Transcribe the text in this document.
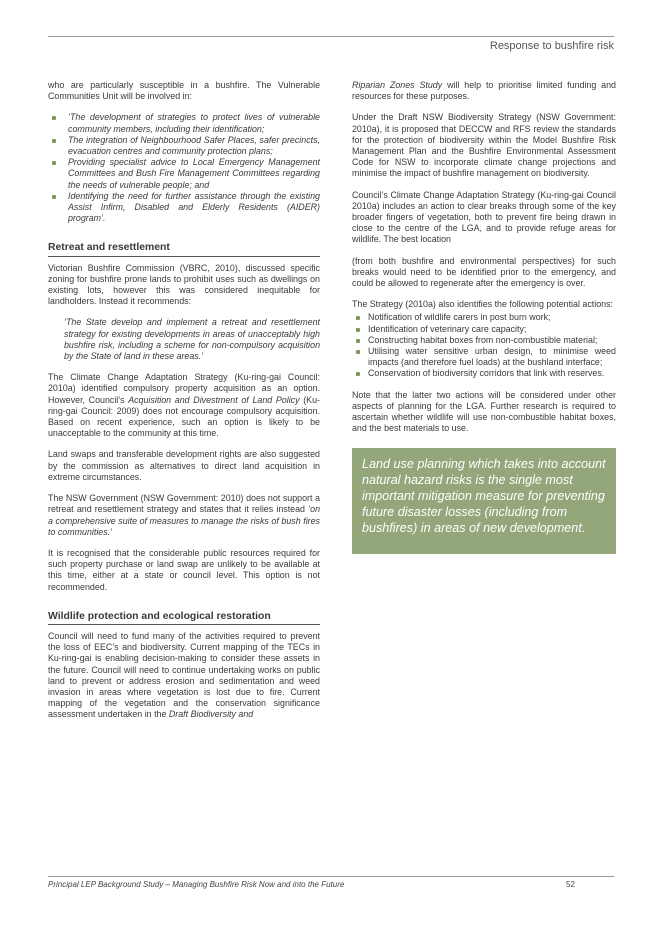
Response to bushfire risk

who are particularly susceptible in a bushfire. The Vulnerable Communities Unit will be involved in:

‘The development of strategies to protect lives of vulnerable community members, including their identification;
The integration of Neighbourhood Safer Places, safer precincts, evacuation centres and community protection plans;
Providing specialist advice to Local Emergency Management Committees and Bush Fire Management Committees regarding the needs of vulnerable people; and
Identifying the need for further assistance through the existing Assist Infirm, Disabled and Elderly Residents (AIDER) program’.
Retreat and resettlement

Victorian Bushfire Commission (VBRC, 2010), discussed specific zoning for bushfire prone lands to prohibit uses such as dwellings on existing lots, however this was considered inequitable for landholders. Instead it recommends:

‘The State develop and implement a retreat and resettlement strategy for existing developments in areas of unacceptably high bushfire risk, including a scheme for non-compulsory acquisition by the State of land in these areas.’

The Climate Change Adaptation Strategy (Ku-ring-gai Council: 2010a) identified compulsory property acquisition as an option. However, Council’s Acquisition and Divestment of Land Policy (Ku-ring-gai Council: 2009) does not encourage compulsory acquisition. Based on recent experience, such an option is likely to be unacceptable to the community at this time.

Land swaps and transferable development rights are also suggested by the commission as alternatives to direct land acquisition in extreme circumstances.

The NSW Government (NSW Government: 2010) does not support a retreat and resettlement strategy and states that it relies instead ‘on a comprehensive suite of measures to manage the risks of bush fires to communities.’

It is recognised that the considerable public resources required for such property purchase or land swap are unlikely to be available at this time, either at a state or council level. This option is not recommended.

Wildlife protection and ecological restoration

Council will need to fund many of the activities required to prevent the loss of EEC’s and biodiversity. Current mapping of the TECs in Ku-ring-gai is enabling decision-making to consider these assets in the future. Council will need to continue undertaking works on public land to prevent or address erosion and sedimentation and weed invasion in areas where vegetation is lost due to fire. Current mapping of the vegetation and the conservation significance assessment undertaken in the Draft Biodiversity and

Riparian Zones Study will help to prioritise limited funding and resources for these purposes.

Under the Draft NSW Biodiversity Strategy (NSW Government: 2010a), it is proposed that DECCW and RFS review the standards for the protection of biodiversity within the Model Bushfire Risk Management Plan and the Bushfire Environmental Assessment Code for NSW to incorporate climate change projections and minimise the impact of bushfire management on biodiversity.

Council’s Climate Change Adaptation Strategy (Ku-ring-gai Council 2010a) includes an action to clear breaks through some of the key broader fingers of vegetation, both to prevent fire being drawn in close to the centre of the LGA, and to provide refuge areas for wildlife. The best location

(from both bushfire and environmental perspectives) for such breaks would need to be identified prior to the emergency, and could be allowed to regenerate after the emergency is over.

The Strategy (2010a) also identifies the following potential actions:

Notification of wildlife carers in post burn work;
Identification of veterinary care capacity;
Constructing habitat boxes from non-combustible material;
Utilising water sensitive urban design, to minimise weed impacts (and therefore fuel loads) at the bushland interface;
Conservation of biodiversity corridors that link with reserves.

Note that the latter two actions will be considered under other aspects of planning for the LGA. Further research is required to ascertain whether wildlife will use non-combustible habitat boxes, and the best materials to use.

Land use planning which takes into account natural hazard risks is the single most important mitigation measure for preventing future disaster losses (including from bushfires) in areas of new development.
Principal LEP Background Study – Managing Bushfire Risk Now and into the Future	52
